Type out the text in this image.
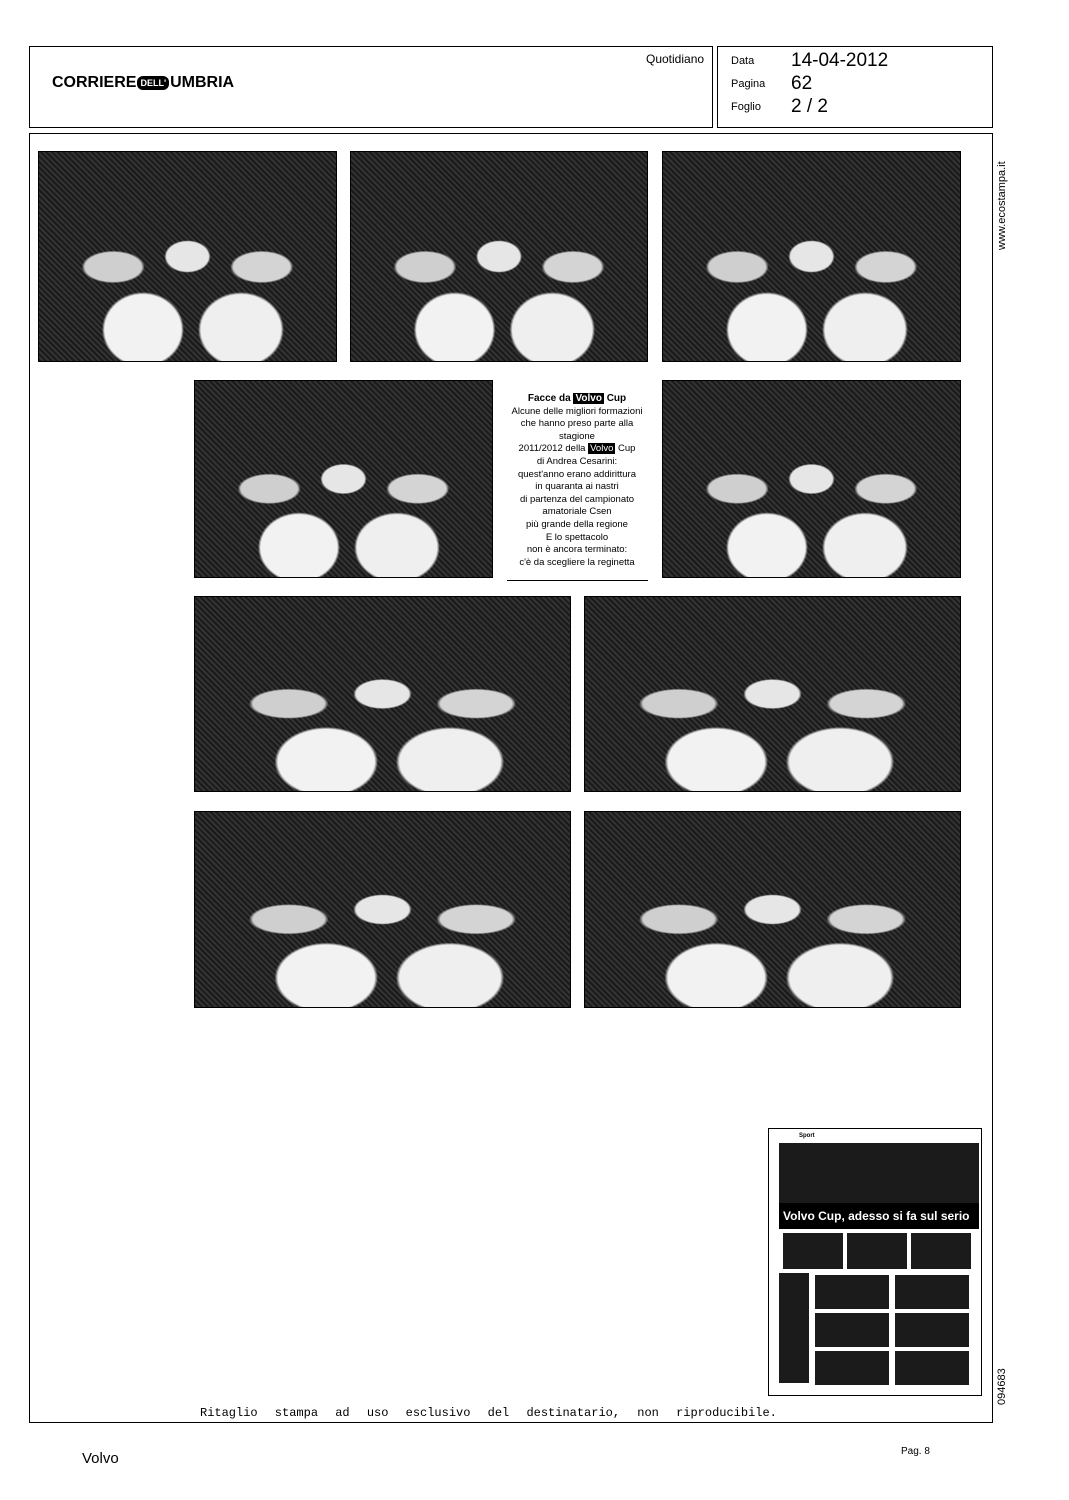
CORRIERE DELL' UMBRIA
Quotidiano Data 14-04-2012
Pagina 62
Foglio 2 / 2
Facce da Volvo Cup
Alcune delle migliori formazioni
che hanno preso parte alla stagione
2011/2012 della Volvo Cup
di Andrea Cesarini:
quest'anno erano addirittura
in quaranta ai nastri
di partenza del campionato
amatoriale Csen
più grande della regione
E lo spettacolo
non è ancora terminato:
c'è da scegliere la reginetta
www.ecostampa.it
094683
Sport
Volvo Cup, adesso si fa sul serio
Ritaglio stampa ad uso esclusivo del destinatario, non riproducibile.
Volvo	Pag. 8
